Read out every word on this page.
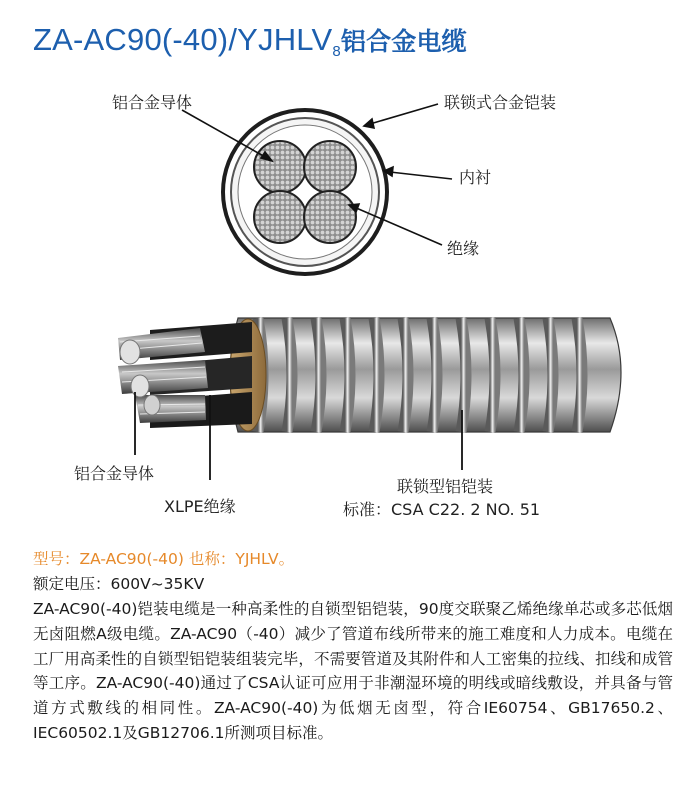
$ZA-AC90(-40)/YJHLV_8$铝合金电缆
铝合金导体	联锁式合金铠装
内衬
绝缘
铝合金导体
XLPE绝缘
联锁型铝铠装
标准：CSA C22. 2 NO. 51
型号：ZA-AC90(-40) 也称：YJHLV。
额定电压：600V~35KV

ZA-AC90(-40)铠装电缆是一种高柔性的自锁型铝铠装，90度交联聚乙烯绝缘单芯或多芯低烟无卤阻燃A级电缆。ZA-AC90（-40）减少了管道布线所带来的施工难度和人力成本。电缆在工厂用高柔性的自锁型铝铠装组装完毕，不需要管道及其附件和人工密集的拉线、扣线和成管等工序。ZA-AC90(-40)通过了CSA认证可应用于非潮湿环境的明线或暗线敷设，并具备与管道方式敷线的相同性。ZA-AC90(-40)为低烟无卤型，符合IE60754、GB17650.2、IEC60502.1及GB12706.1所测项目标准。
